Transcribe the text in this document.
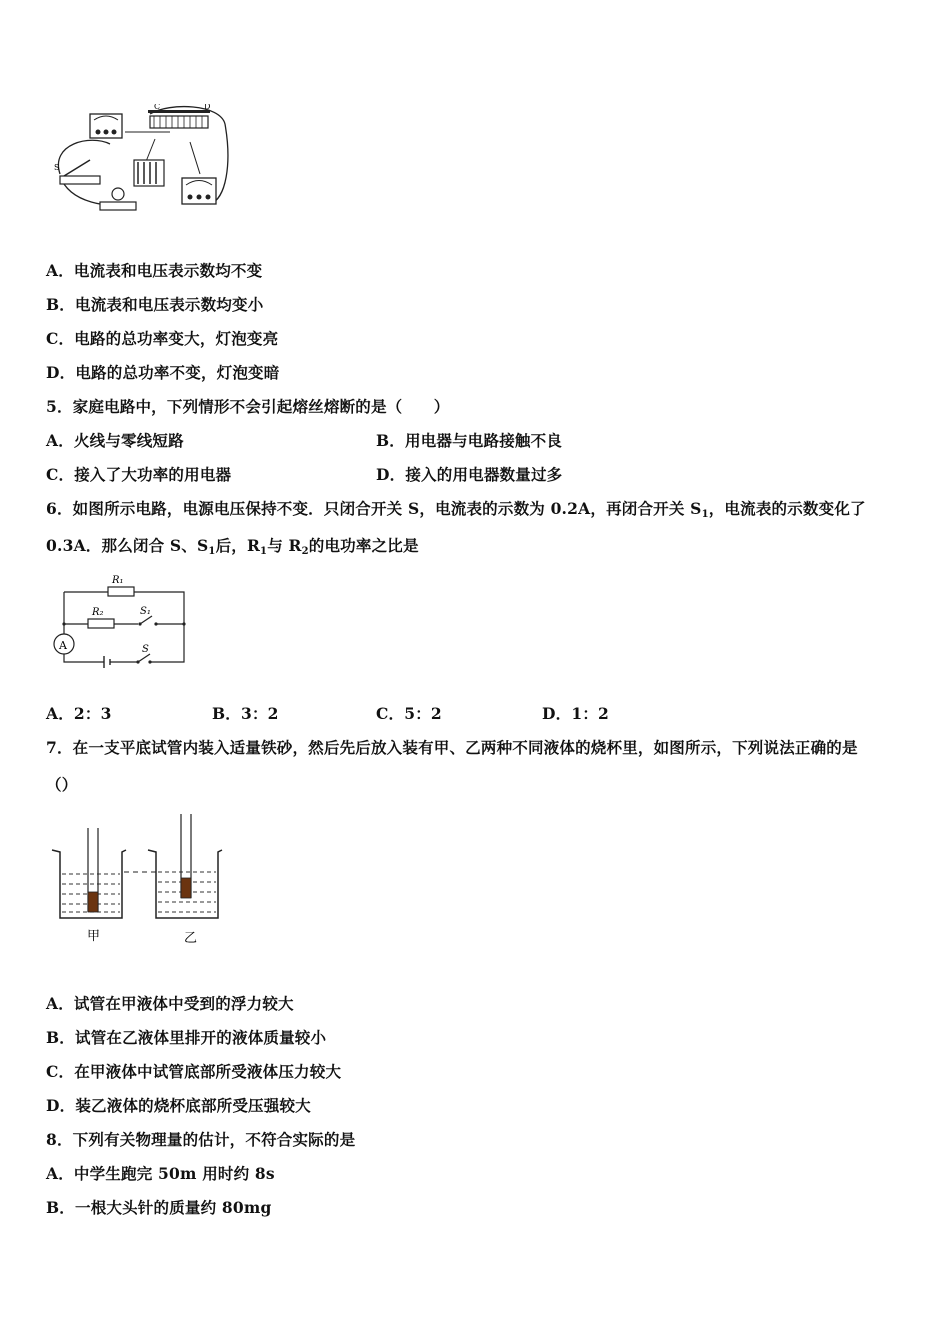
C	D
S
A．电流表和电压表示数均不变
B．电流表和电压表示数均变小
C．电路的总功率变大，灯泡变亮
D．电路的总功率不变，灯泡变暗
5．家庭电路中，下列情形不会引起熔丝熔断的是（　　）
A．火线与零线短路	B．用电器与电路接触不良
C．接入了大功率的用电器	D．接入的用电器数量过多
6．如图所示电路，电源电压保持不变．只闭合开关 S，电流表的示数为 0.2A，再闭合开关 $S_1$，电流表的示数变化了
0.3A．那么闭合 S、$S_1$后，$R_1$与 $R_2$的电功率之比是
R₁
R₂	S₁
A	S
A．2：3	B．3：2	C．5：2	D．1：2
7．在一支平底试管内装入适量铁砂，然后先后放入装有甲、乙两种不同液体的烧杯里，如图所示，下列说法正确的是
（）
甲	乙
A．试管在甲液体中受到的浮力较大
B．试管在乙液体里排开的液体质量较小
C．在甲液体中试管底部所受液体压力较大
D．装乙液体的烧杯底部所受压强较大
8．下列有关物理量的估计，不符合实际的是
A．中学生跑完 50m 用时约 8s
B．一根大头针的质量约 80mg
